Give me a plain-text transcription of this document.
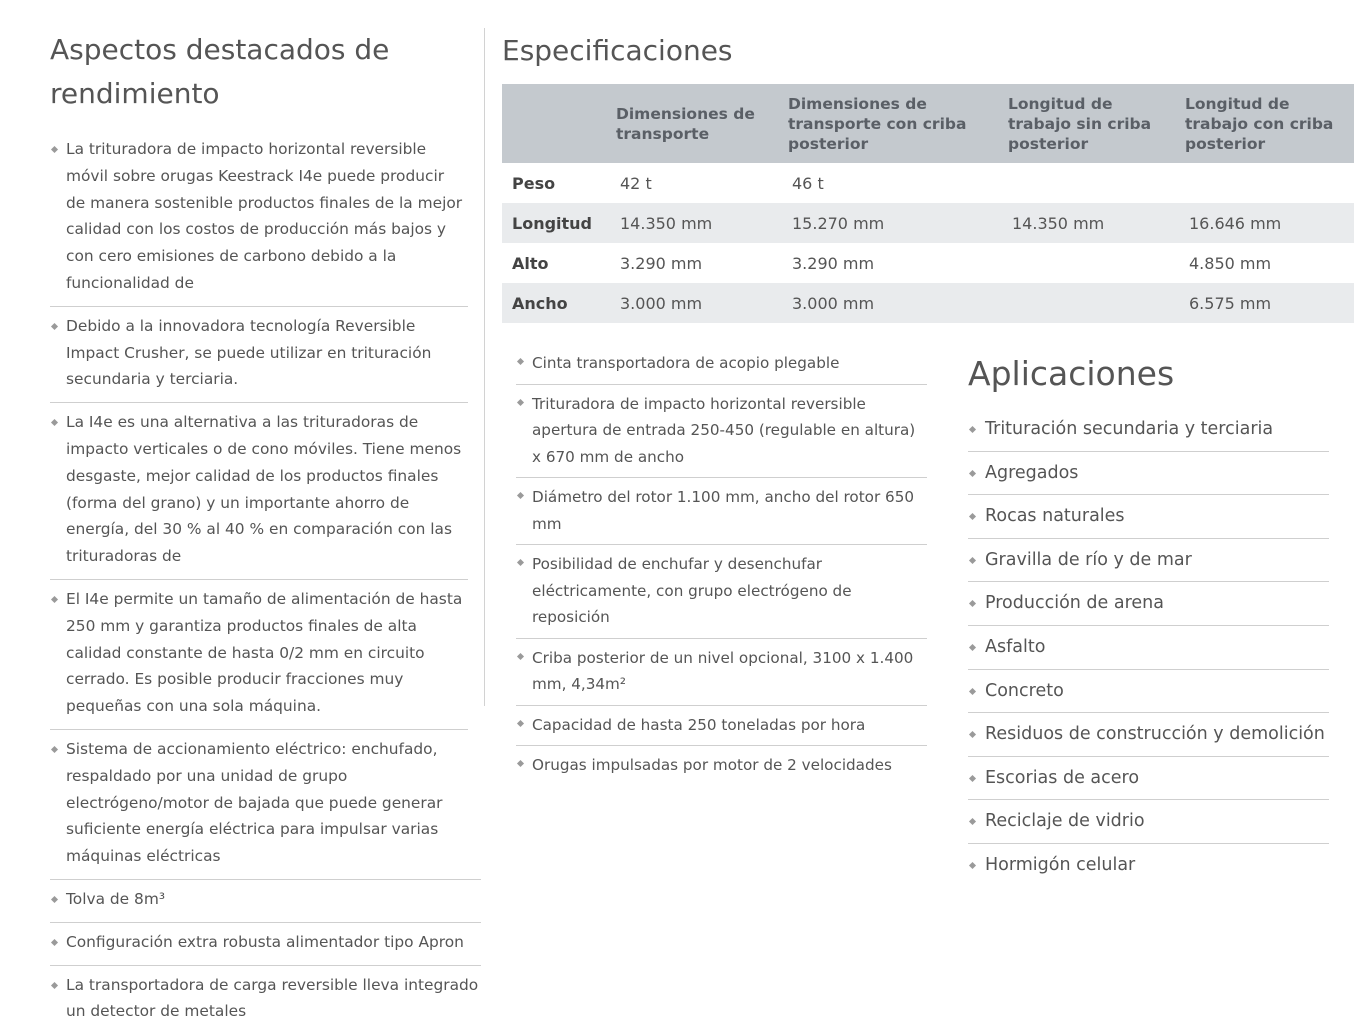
Aspectos destacados de rendimiento
La trituradora de impacto horizontal reversible móvil sobre orugas Keestrack I4e puede producir de manera sostenible productos finales de la mejor calidad con los costos de producción más bajos y con cero emisiones de carbono debido a la funcionalidad de
Debido a la innovadora tecnología Reversible Impact Crusher, se puede utilizar en trituración secundaria y terciaria.
La I4e es una alternativa a las trituradoras de impacto verticales o de cono móviles. Tiene menos desgaste, mejor calidad de los productos finales (forma del grano) y un importante ahorro de energía, del 30 % al 40 % en comparación con las trituradoras de
El I4e permite un tamaño de alimentación de hasta 250 mm y garantiza productos finales de alta calidad constante de hasta 0/2 mm en circuito cerrado. Es posible producir fracciones muy pequeñas con una sola máquina.
Sistema de accionamiento eléctrico: enchufado, respaldado por una unidad de grupo electrógeno/motor de bajada que puede generar suficiente energía eléctrica para impulsar varias máquinas eléctricas
Tolva de 8m³
Configuración extra robusta alimentador tipo Apron
La transportadora de carga reversible lleva integrado un detector de metales
Especificaciones
	Dimensiones de transporte	Dimensiones de transporte con criba posterior	Longitud de trabajo sin criba posterior	Longitud de trabajo con criba posterior
Peso	42 t	46 t		
Longitud	14.350 mm	15.270 mm	14.350 mm	16.646 mm
Alto	3.290 mm	3.290 mm		4.850 mm
Ancho	3.000 mm	3.000 mm		6.575 mm
Cinta transportadora de acopio plegable
Trituradora de impacto horizontal reversible apertura de entrada 250-450 (regulable en altura) x 670 mm de ancho
Diámetro del rotor 1.100 mm, ancho del rotor 650 mm
Posibilidad de enchufar y desenchufar eléctricamente, con grupo electrógeno de reposición
Criba posterior de un nivel opcional, 3100 x 1.400 mm, 4,34m²
Capacidad de hasta 250 toneladas por hora
Orugas impulsadas por motor de 2 velocidades
Aplicaciones
Trituración secundaria y terciaria
Agregados
Rocas naturales
Gravilla de río y de mar
Producción de arena
Asfalto
Concreto
Residuos de construcción y demolición
Escorias de acero
Reciclaje de vidrio
Hormigón celular
